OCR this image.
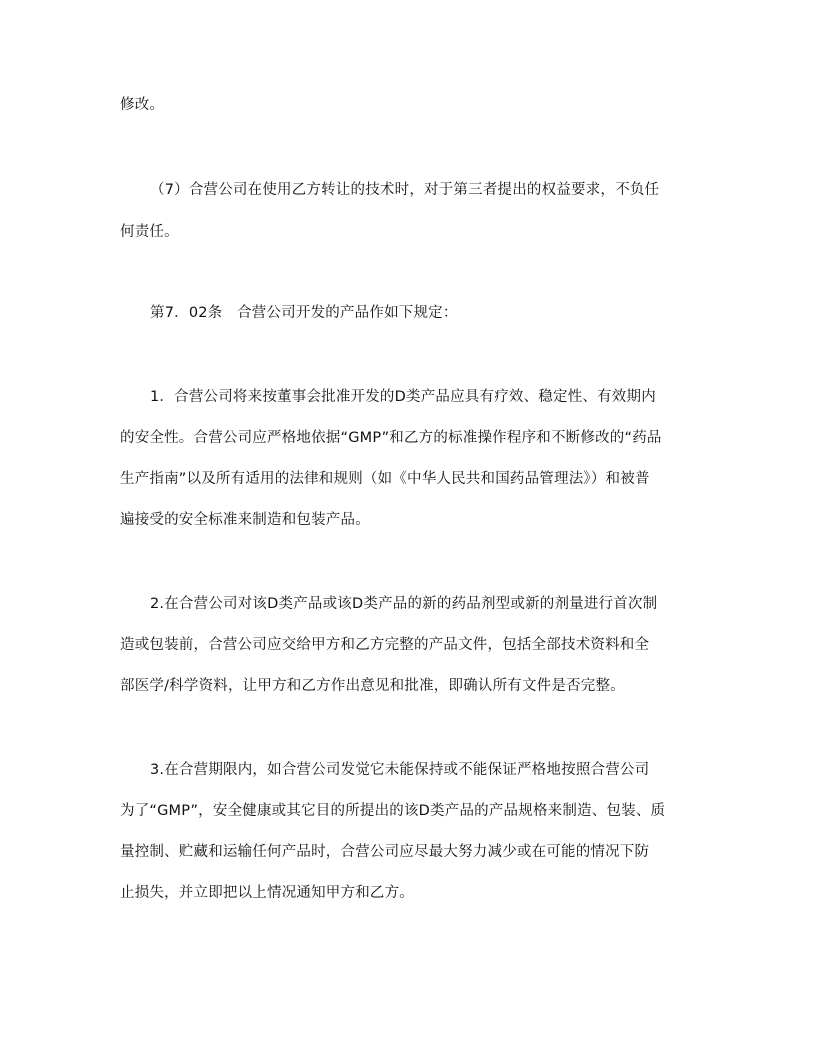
修改。
（7）合营公司在使用乙方转让的技术时，对于第三者提出的权益要求，不负任
何责任。
第7．02条　合营公司开发的产品作如下规定：
1．合营公司将来按董事会批准开发的D类产品应具有疗效、稳定性、有效期内
的安全性。合营公司应严格地依据“GMP”和乙方的标准操作程序和不断修改的“药品
生产指南”以及所有适用的法律和规则（如《中华人民共和国药品管理法》）和被普
遍接受的安全标准来制造和包装产品。
2.在合营公司对该D类产品或该D类产品的新的药品剂型或新的剂量进行首次制
造或包装前，合营公司应交给甲方和乙方完整的产品文件，包括全部技术资料和全
部医学/科学资料，让甲方和乙方作出意见和批准，即确认所有文件是否完整。
3.在合营期限内，如合营公司发觉它未能保持或不能保证严格地按照合营公司
为了“GMP”，安全健康或其它目的所提出的该D类产品的产品规格来制造、包装、质
量控制、贮藏和运输任何产品时，合营公司应尽最大努力减少或在可能的情况下防
止损失，并立即把以上情况通知甲方和乙方。
